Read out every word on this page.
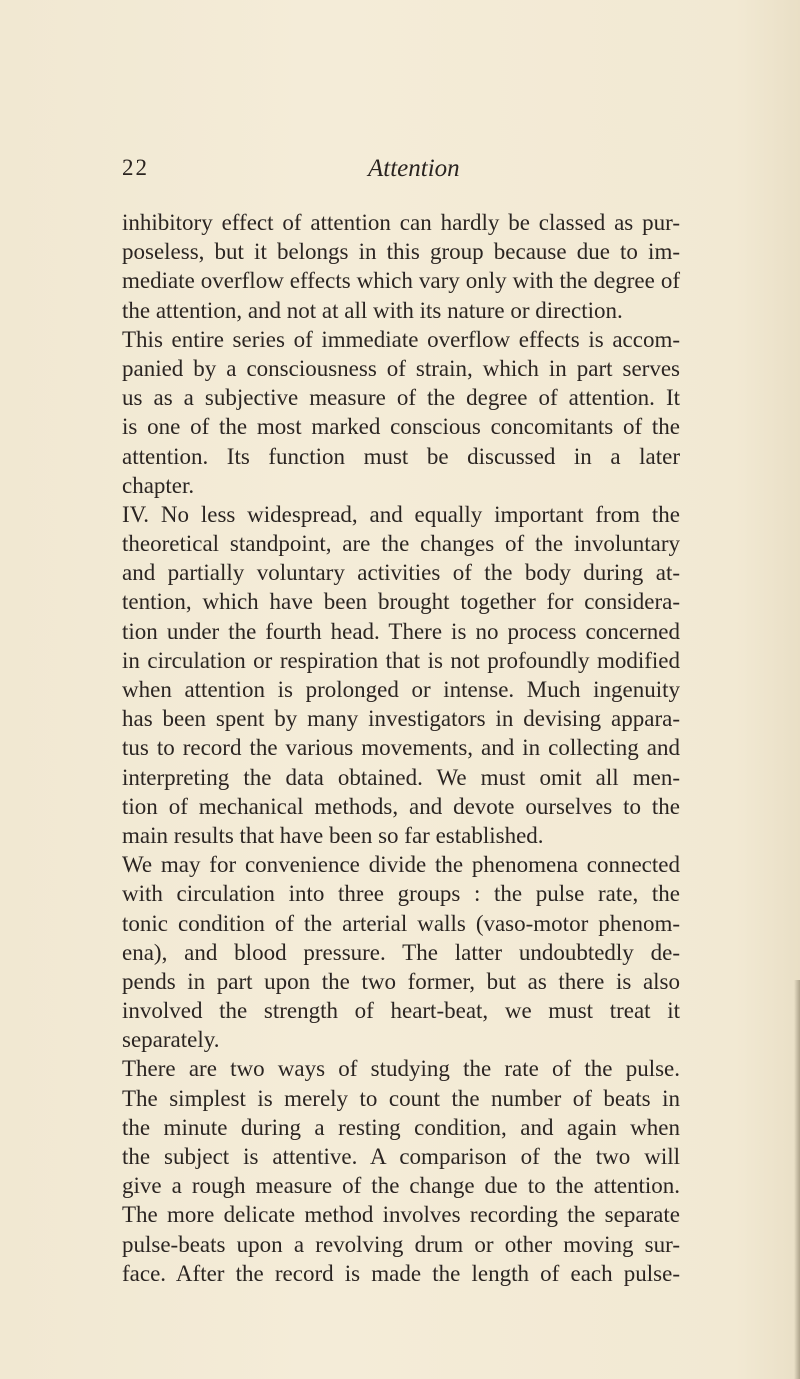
22	Attention
inhibitory effect of attention can hardly be classed as pur-
poseless, but it belongs in this group because due to im-
mediate overflow effects which vary only with the degree of
the attention, and not at all with its nature or direction.
This entire series of immediate overflow effects is accom-
panied by a consciousness of strain, which in part serves
us as a subjective measure of the degree of attention. It
is one of the most marked conscious concomitants of the
attention. Its function must be discussed in a later
chapter.
IV. No less widespread, and equally important from the
theoretical standpoint, are the changes of the involuntary
and partially voluntary activities of the body during at-
tention, which have been brought together for considera-
tion under the fourth head. There is no process concerned
in circulation or respiration that is not profoundly modified
when attention is prolonged or intense. Much ingenuity
has been spent by many investigators in devising appara-
tus to record the various movements, and in collecting and
interpreting the data obtained. We must omit all men-
tion of mechanical methods, and devote ourselves to the
main results that have been so far established.
We may for convenience divide the phenomena connected
with circulation into three groups : the pulse rate, the
tonic condition of the arterial walls (vaso-motor phenom-
ena), and blood pressure. The latter undoubtedly de-
pends in part upon the two former, but as there is also
involved the strength of heart-beat, we must treat it
separately.
There are two ways of studying the rate of the pulse.
The simplest is merely to count the number of beats in
the minute during a resting condition, and again when
the subject is attentive. A comparison of the two will
give a rough measure of the change due to the attention.
The more delicate method involves recording the separate
pulse-beats upon a revolving drum or other moving sur-
face. After the record is made the length of each pulse-
